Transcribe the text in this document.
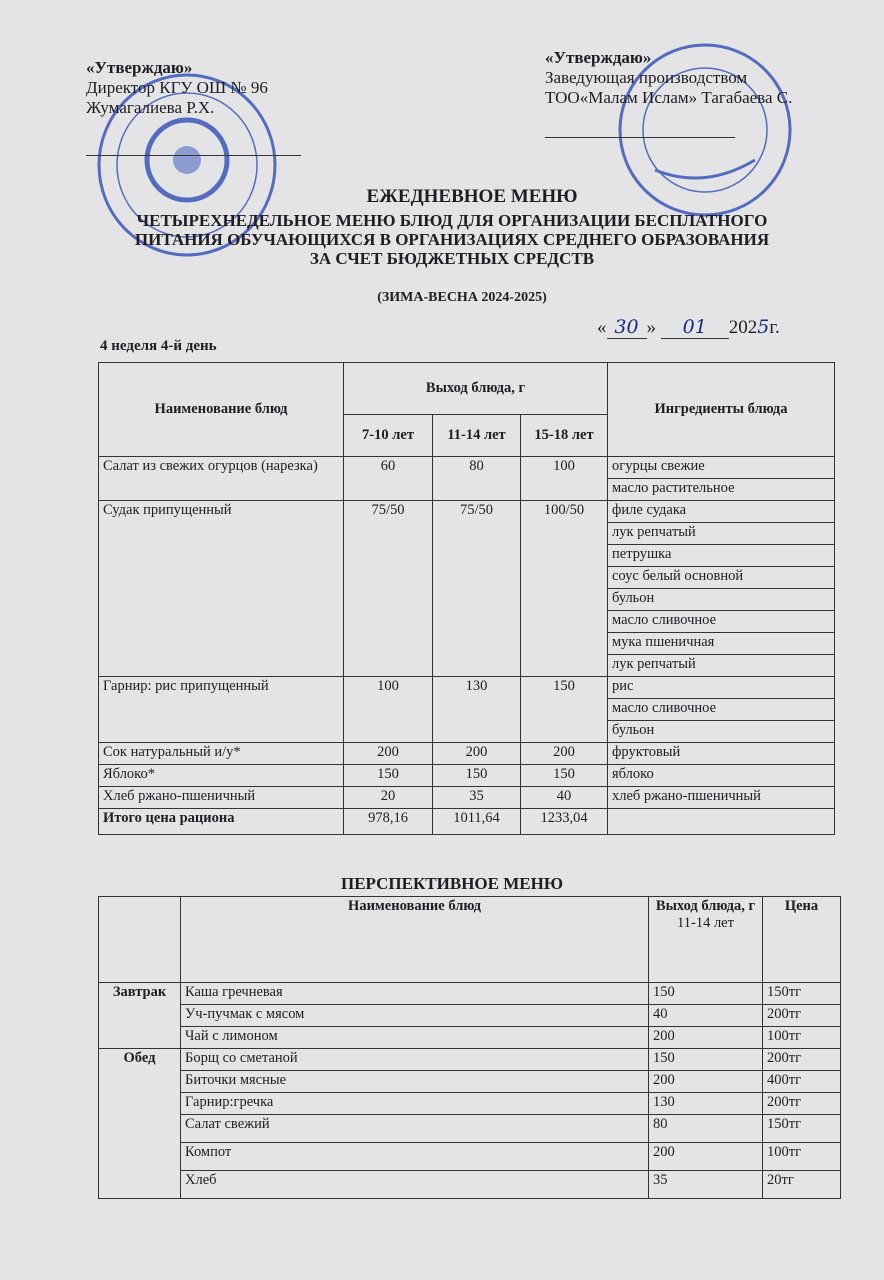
«Утверждаю»
Директор КГУ ОШ № 96
Жумагалиева Р.Х.
«Утверждаю»
Заведующая производством
ТОО«Малам Ислам» Тагабаева С.
ЕЖЕДНЕВНОЕ МЕНЮ
ЧЕТЫРЕХНЕДЕЛЬНОЕ МЕНЮ БЛЮД ДЛЯ ОРГАНИЗАЦИИ БЕСПЛАТНОГО
ПИТАНИЯ ОБУЧАЮЩИХСЯ В ОРГАНИЗАЦИЯХ СРЕДНЕГО ОБРАЗОВАНИЯ
ЗА СЧЕТ БЮДЖЕТНЫХ СРЕДСТВ
(ЗИМА-ВЕСНА 2024-2025)
4 неделя 4-й день
« 30 » 01 2025г.
Наименование блюд	Выход блюда, г			Ингредиенты блюда
	7-10 лет	11-14 лет	15-18 лет	
Салат из свежих огурцов (нарезка)	60	80	100	огурцы свежие
				масло растительное
Судак припущенный	75/50	75/50	100/50	филе судака
				лук репчатый
				петрушка
				соус белый основной
				бульон
				масло сливочное
				мука пшеничная
				лук репчатый
Гарнир: рис припущенный	100	130	150	рис
				масло сливочное
				бульон
Сок натуральный и/у*	200	200	200	фруктовый
Яблоко*	150	150	150	яблоко
Хлеб ржано-пшеничный	20	35	40	хлеб ржано-пшеничный
Итого цена рациона	978,16	1011,64	1233,04	
ПЕРСПЕКТИВНОЕ МЕНЮ
	Наименование блюд	Выход блюда, г
11-14 лет	Цена
Завтрак	Каша гречневая	150	150тг
	Уч-пучмак с мясом	40	200тг
	Чай с лимоном	200	100тг
Обед	Борщ со сметаной	150	200тг
	Биточки мясные	200	400тг
	Гарнир:гречка	130	200тг
	Салат свежий	80	150тг
	Компот	200	100тг
	Хлеб	35	20тг
